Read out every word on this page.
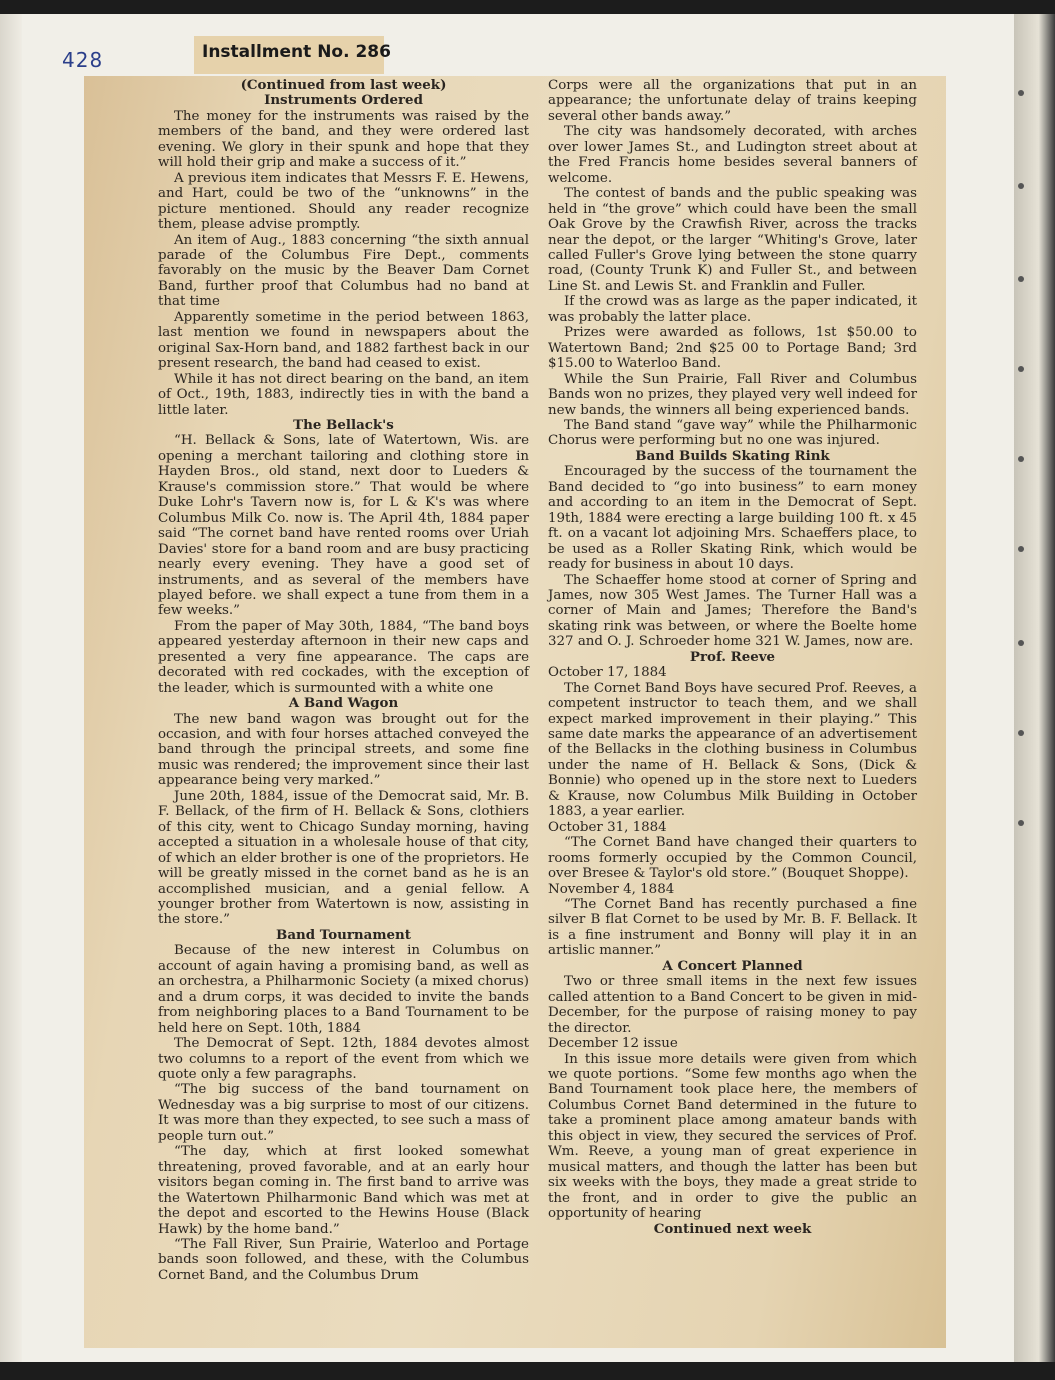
428	Installment No. 286
(Continued from last week)
Instruments Ordered

The money for the instruments was raised by the members of the band, and they were ordered last evening. We glory in their spunk and hope that they will hold their grip and make a success of it.”

A previous item indicates that Messrs F. E. Hewens, and Hart, could be two of the “unknowns” in the picture mentioned. Should any reader recognize them, please advise promptly.

An item of Aug., 1883 concerning “the sixth annual parade of the Columbus Fire Dept., comments favorably on the music by the Beaver Dam Cornet Band, further proof that Columbus had no band at that time

Apparently sometime in the period between 1863, last mention we found in newspapers about the original Sax-Horn band, and 1882 farthest back in our present research, the band had ceased to exist.

While it has not direct bearing on the band, an item of Oct., 19th, 1883, indirectly ties in with the band a little later.

The Bellack's

“H. Bellack & Sons, late of Watertown, Wis. are opening a merchant tailoring and clothing store in Hayden Bros., old stand, next door to Lueders & Krause's commission store.” That would be where Duke Lohr's Tavern now is, for L & K's was where Columbus Milk Co. now is. The April 4th, 1884 paper said “The cornet band have rented rooms over Uriah Davies' store for a band room and are busy practicing nearly every evening. They have a good set of instruments, and as several of the members have played before. we shall expect a tune from them in a few weeks.”

From the paper of May 30th, 1884, “The band boys appeared yesterday afternoon in their new caps and presented a very fine appearance. The caps are decorated with red cockades, with the exception of the leader, which is surmounted with a white one

A Band Wagon

The new band wagon was brought out for the occasion, and with four horses attached conveyed the band through the principal streets, and some fine music was rendered; the improvement since their last appearance being very marked.”

June 20th, 1884, issue of the Democrat said, Mr. B. F. Bellack, of the firm of H. Bellack & Sons, clothiers of this city, went to Chicago Sunday morning, having accepted a situation in a wholesale house of that city, of which an elder brother is one of the proprietors. He will be greatly missed in the cornet band as he is an accomplished musician, and a genial fellow. A younger brother from Watertown is now, assisting in the store.”

Band Tournament

Because of the new interest in Columbus on account of again having a promising band, as well as an orchestra, a Philharmonic Society (a mixed chorus) and a drum corps, it was decided to invite the bands from neighboring places to a Band Tournament to be held here on Sept. 10th, 1884

The Democrat of Sept. 12th, 1884 devotes almost two columns to a report of the event from which we quote only a few paragraphs.

“The big success of the band tournament on Wednesday was a big surprise to most of our citizens. It was more than they expected, to see such a mass of people turn out.”

“The day, which at first looked somewhat threatening, proved favorable, and at an early hour visitors began coming in. The first band to arrive was the Watertown Philharmonic Band which was met at the depot and escorted to the Hewins House (Black Hawk) by the home band.”

“The Fall River, Sun Prairie, Waterloo and Portage bands soon followed, and these, with the Columbus Cornet Band, and the Columbus Drum

Corps were all the organizations that put in an appearance; the unfortunate delay of trains keeping several other bands away.”

The city was handsomely decorated, with arches over lower James St., and Ludington street about at the Fred Francis home besides several banners of welcome.

The contest of bands and the public speaking was held in “the grove” which could have been the small Oak Grove by the Crawfish River, across the tracks near the depot, or the larger “Whiting's Grove, later called Fuller's Grove lying between the stone quarry road, (County Trunk K) and Fuller St., and between Line St. and Lewis St. and Franklin and Fuller.

If the crowd was as large as the paper indicated, it was probably the latter place.

Prizes were awarded as follows, 1st $50.00 to Watertown Band; 2nd $25 00 to Portage Band; 3rd $15.00 to Waterloo Band.

While the Sun Prairie, Fall River and Columbus Bands won no prizes, they played very well indeed for new bands, the winners all being experienced bands.

The Band stand “gave way” while the Philharmonic Chorus were performing but no one was injured.

Band Builds Skating Rink

Encouraged by the success of the tournament the Band decided to “go into business” to earn money and according to an item in the Democrat of Sept. 19th, 1884 were erecting a large building 100 ft. x 45 ft. on a vacant lot adjoining Mrs. Schaeffers place, to be used as a Roller Skating Rink, which would be ready for business in about 10 days.

The Schaeffer home stood at corner of Spring and James, now 305 West James. The Turner Hall was a corner of Main and James; Therefore the Band's skating rink was between, or where the Boelte home 327 and O. J. Schroeder home 321 W. James, now are.

Prof. Reeve

October 17, 1884

The Cornet Band Boys have secured Prof. Reeves, a competent instructor to teach them, and we shall expect marked improvement in their playing.” This same date marks the appearance of an advertisement of the Bellacks in the clothing business in Columbus under the name of H. Bellack & Sons, (Dick & Bonnie) who opened up in the store next to Lueders & Krause, now Columbus Milk Building in October 1883, a year earlier.

October 31, 1884

“The Cornet Band have changed their quarters to rooms formerly occupied by the Common Council, over Bresee & Taylor's old store.” (Bouquet Shoppe).

November 4, 1884

“The Cornet Band has recently purchased a fine silver B flat Cornet to be used by Mr. B. F. Bellack. It is a fine instrument and Bonny will play it in an artislic manner.”

A Concert Planned

Two or three small items in the next few issues called attention to a Band Concert to be given in mid-December, for the purpose of raising money to pay the director.

December 12 issue

In this issue more details were given from which we quote portions. “Some few months ago when the Band Tournament took place here, the members of Columbus Cornet Band determined in the future to take a prominent place among amateur bands with this object in view, they secured the services of Prof. Wm. Reeve, a young man of great experience in musical matters, and though the latter has been but six weeks with the boys, they made a great stride to the front, and in order to give the public an opportunity of hearing

Continued next week
